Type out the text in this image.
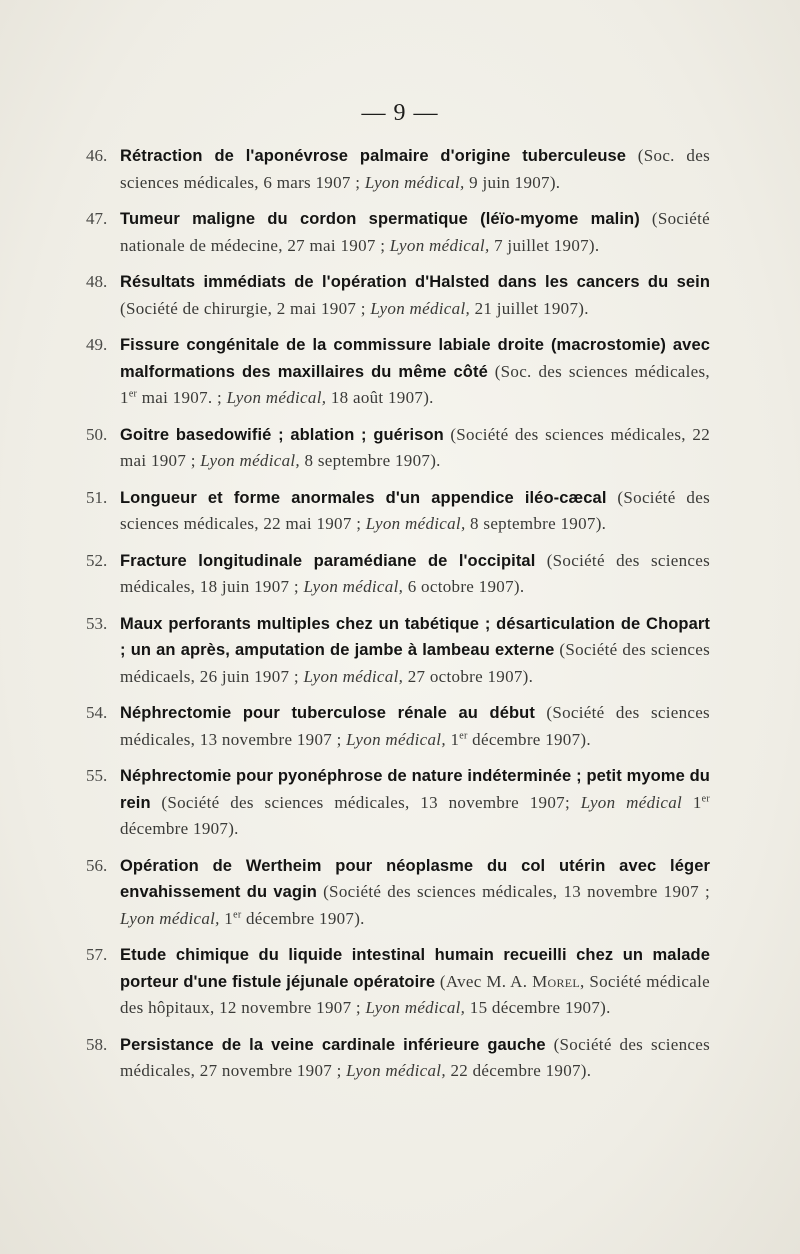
— 9 —
46. Rétraction de l'aponévrose palmaire d'origine tuberculeuse (Soc. des sciences médicales, 6 mars 1907 ; Lyon médical, 9 juin 1907).
47. Tumeur maligne du cordon spermatique (léïo-myome malin) (Société nationale de médecine, 27 mai 1907 ; Lyon médical, 7 juillet 1907).
48. Résultats immédiats de l'opération d'Halsted dans les cancers du sein (Société de chirurgie, 2 mai 1907 ; Lyon médical, 21 juillet 1907).
49. Fissure congénitale de la commissure labiale droite (macrostomie) avec malformations des maxillaires du même côté (Soc. des sciences médicales, 1er mai 1907. ; Lyon médical, 18 août 1907).
50. Goitre basedowifié ; ablation ; guérison (Société des sciences médicales, 22 mai 1907 ; Lyon médical, 8 septembre 1907).
51. Longueur et forme anormales d'un appendice iléo-cæcal (Société des sciences médicales, 22 mai 1907 ; Lyon médical, 8 septembre 1907).
52. Fracture longitudinale paramédiane de l'occipital (Société des sciences médicales, 18 juin 1907 ; Lyon médical, 6 octobre 1907).
53. Maux perforants multiples chez un tabétique ; désarticulation de Chopart ; un an après, amputation de jambe à lambeau externe (Société des sciences médicaels, 26 juin 1907 ; Lyon médical, 27 octobre 1907).
54. Néphrectomie pour tuberculose rénale au début (Société des sciences médicales, 13 novembre 1907 ; Lyon médical, 1er décembre 1907).
55. Néphrectomie pour pyonéphrose de nature indéterminée ; petit myome du rein (Société des sciences médicales, 13 novembre 1907; Lyon médical 1er décembre 1907).
56. Opération de Wertheim pour néoplasme du col utérin avec léger envahissement du vagin (Société des sciences médicales, 13 novembre 1907 ; Lyon médical, 1er décembre 1907).
57. Etude chimique du liquide intestinal humain recueilli chez un malade porteur d'une fistule jéjunale opératoire (Avec M. A. Morel, Société médicale des hôpitaux, 12 novembre 1907 ; Lyon médical, 15 décembre 1907).
58. Persistance de la veine cardinale inférieure gauche (Société des sciences médicales, 27 novembre 1907 ; Lyon médical, 22 décembre 1907).
